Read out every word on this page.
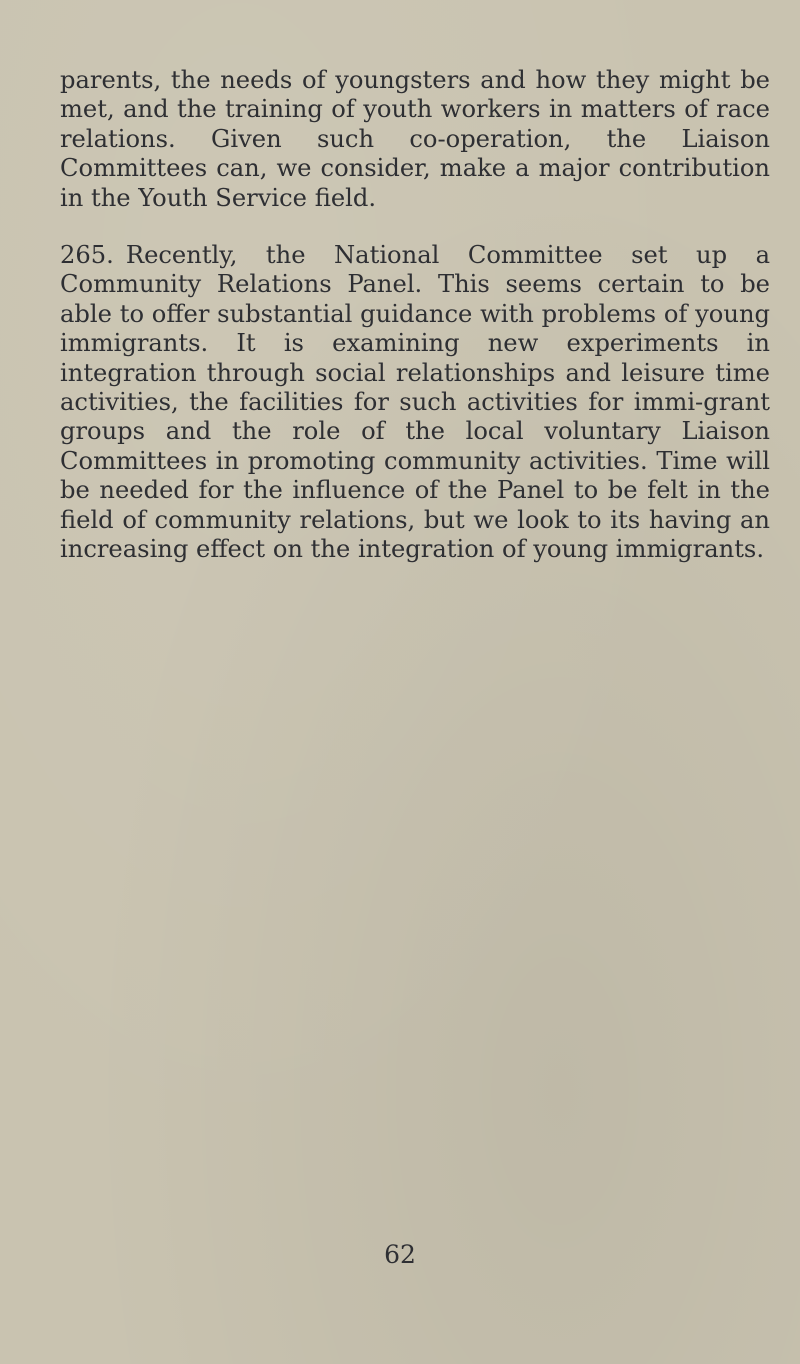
parents, the needs of youngsters and how they might be met, and the training of youth workers in matters of race relations. Given such co-operation, the Liaison Committees can, we consider, make a major contribution in the Youth Service field.

265. Recently, the National Committee set up a Community Relations Panel. This seems certain to be able to offer substantial guidance with problems of young immigrants. It is examining new experiments in integration through social relationships and leisure time activities, the facilities for such activities for immi-grant groups and the role of the local voluntary Liaison Committees in promoting community activities. Time will be needed for the influence of the Panel to be felt in the field of community relations, but we look to its having an increasing effect on the integration of young immigrants.

62
